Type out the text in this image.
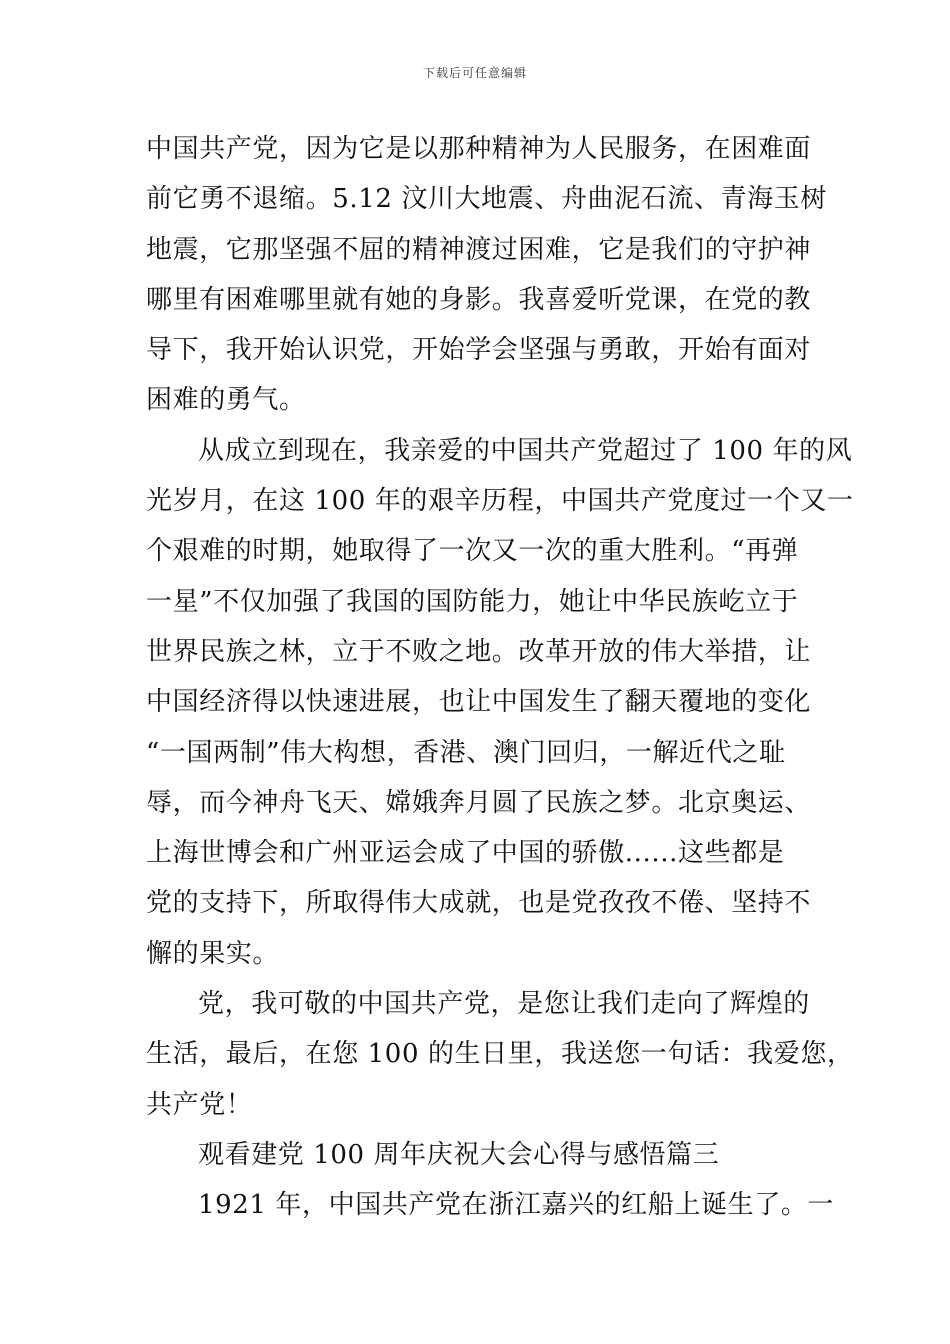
下载后可任意编辑
中国共产党，因为它是以那种精神为人民服务，在困难面
前它勇不退缩。5.12 汶川大地震、舟曲泥石流、青海玉树
地震，它那坚强不屈的精神渡过困难，它是我们的守护神
哪里有困难哪里就有她的身影。我喜爱听党课，在党的教
导下，我开始认识党，开始学会坚强与勇敢，开始有面对
困难的勇气。
从成立到现在，我亲爱的中国共产党超过了 100 年的风
光岁月，在这 100 年的艰辛历程，中国共产党度过一个又一
个艰难的时期，她取得了一次又一次的重大胜利。“再弹
一星”不仅加强了我国的国防能力，她让中华民族屹立于
世界民族之林，立于不败之地。改革开放的伟大举措，让
中国经济得以快速进展，也让中国发生了翻天覆地的变化
“一国两制”伟大构想，香港、澳门回归，一解近代之耻
辱，而今神舟飞天、嫦娥奔月圆了民族之梦。北京奥运、
上海世博会和广州亚运会成了中国的骄傲......这些都是
党的支持下，所取得伟大成就，也是党孜孜不倦、坚持不
懈的果实。
党，我可敬的中国共产党，是您让我们走向了辉煌的
生活，最后，在您 100 的生日里，我送您一句话：我爱您，
共产党！
观看建党 100 周年庆祝大会心得与感悟篇三
1921 年，中国共产党在浙江嘉兴的红船上诞生了。一
